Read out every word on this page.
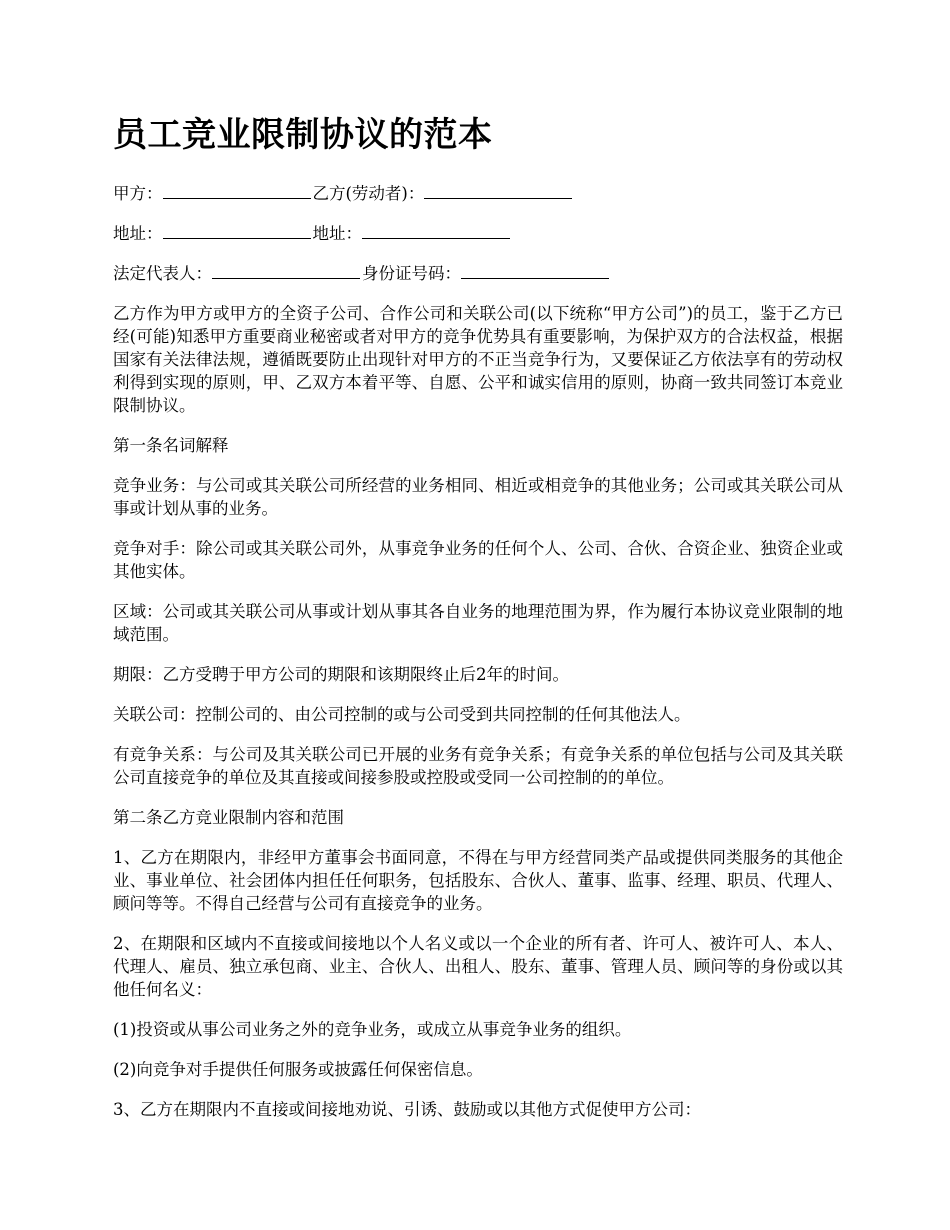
员工竞业限制协议的范本
甲方：	乙方(劳动者)：
地址：	地址：
法定代表人：	身份证号码：

乙方作为甲方或甲方的全资子公司、合作公司和关联公司(以下统称“甲方公司”)的员工，鉴于乙方已经(可能)知悉甲方重要商业秘密或者对甲方的竞争优势具有重要影响，为保护双方的合法权益，根据国家有关法律法规，遵循既要防止出现针对甲方的不正当竞争行为，又要保证乙方依法享有的劳动权利得到实现的原则，甲、乙双方本着平等、自愿、公平和诚实信用的原则，协商一致共同签订本竞业限制协议。

第一条名词解释

竞争业务：与公司或其关联公司所经营的业务相同、相近或相竞争的其他业务；公司或其关联公司从事或计划从事的业务。

竞争对手：除公司或其关联公司外，从事竞争业务的任何个人、公司、合伙、合资企业、独资企业或其他实体。

区域：公司或其关联公司从事或计划从事其各自业务的地理范围为界，作为履行本协议竞业限制的地域范围。

期限：乙方受聘于甲方公司的期限和该期限终止后2年的时间。

关联公司：控制公司的、由公司控制的或与公司受到共同控制的任何其他法人。

有竞争关系：与公司及其关联公司已开展的业务有竞争关系；有竞争关系的单位包括与公司及其关联公司直接竞争的单位及其直接或间接参股或控股或受同一公司控制的的单位。

第二条乙方竞业限制内容和范围

1、乙方在期限内，非经甲方董事会书面同意，不得在与甲方经营同类产品或提供同类服务的其他企业、事业单位、社会团体内担任任何职务，包括股东、合伙人、董事、监事、经理、职员、代理人、顾问等等。不得自己经营与公司有直接竞争的业务。

2、在期限和区域内不直接或间接地以个人名义或以一个企业的所有者、许可人、被许可人、本人、代理人、雇员、独立承包商、业主、合伙人、出租人、股东、董事、管理人员、顾问等的身份或以其他任何名义：

(1)投资或从事公司业务之外的竞争业务，或成立从事竞争业务的组织。

(2)向竞争对手提供任何服务或披露任何保密信息。

3、乙方在期限内不直接或间接地劝说、引诱、鼓励或以其他方式促使甲方公司：
